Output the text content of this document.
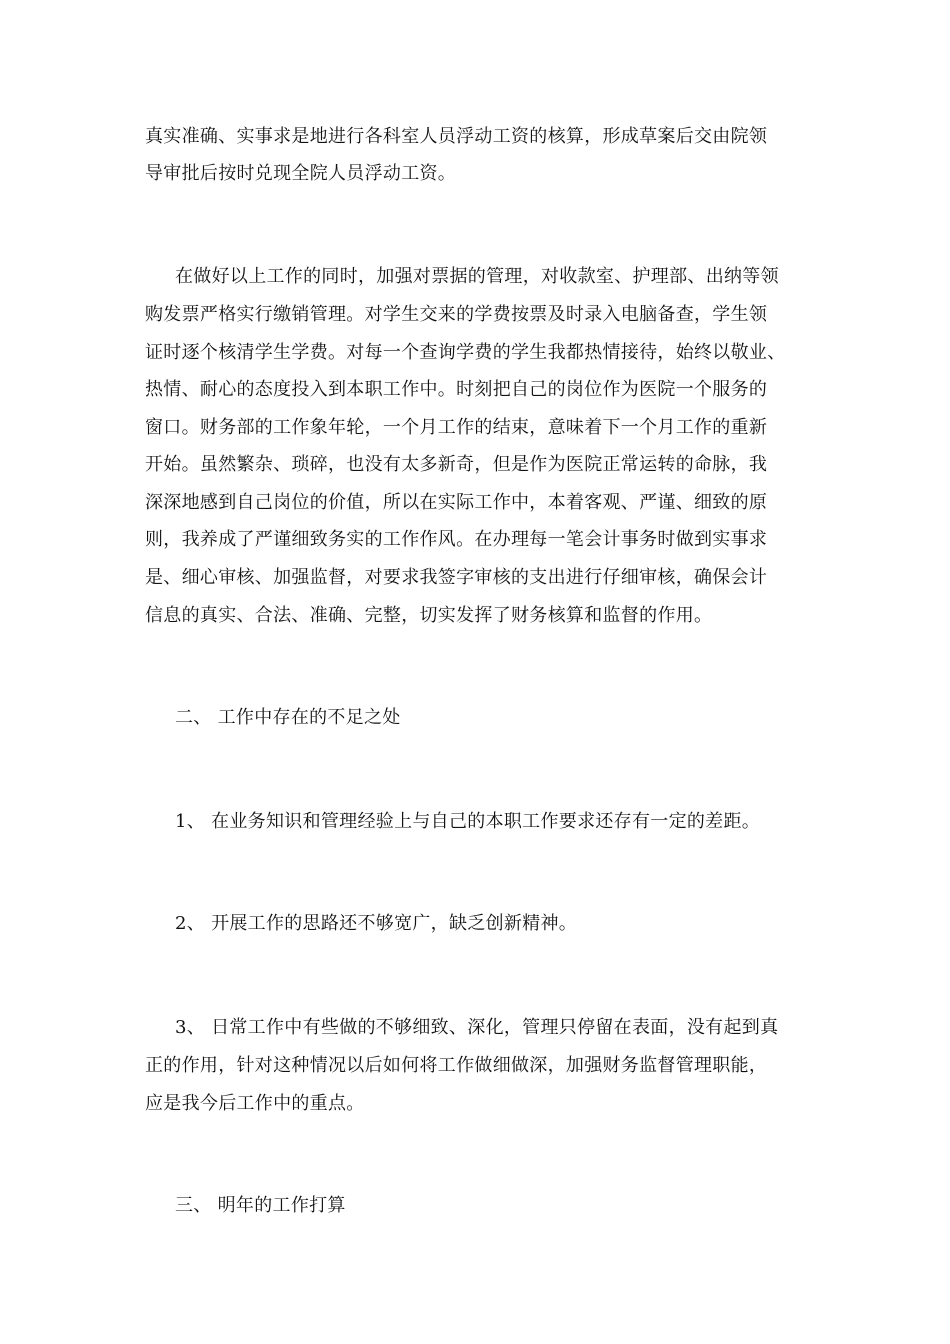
真实准确、实事求是地进行各科室人员浮动工资的核算，形成草案后交由院领
导审批后按时兑现全院人员浮动工资。
在做好以上工作的同时，加强对票据的管理，对收款室、护理部、出纳等领
购发票严格实行缴销管理。对学生交来的学费按票及时录入电脑备查，学生领
证时逐个核清学生学费。对每一个查询学费的学生我都热情接待，始终以敬业、
热情、耐心的态度投入到本职工作中。时刻把自己的岗位作为医院一个服务的
窗口。财务部的工作象年轮，一个月工作的结束，意味着下一个月工作的重新
开始。虽然繁杂、琐碎，也没有太多新奇，但是作为医院正常运转的命脉，我
深深地感到自己岗位的价值，所以在实际工作中，本着客观、严谨、细致的原
则，我养成了严谨细致务实的工作作风。在办理每一笔会计事务时做到实事求
是、细心审核、加强监督，对要求我签字审核的支出进行仔细审核，确保会计
信息的真实、合法、准确、完整，切实发挥了财务核算和监督的作用。
二、 工作中存在的不足之处
1、 在业务知识和管理经验上与自己的本职工作要求还存有一定的差距。
2、 开展工作的思路还不够宽广，缺乏创新精神。
3、 日常工作中有些做的不够细致、深化，管理只停留在表面，没有起到真
正的作用，针对这种情况以后如何将工作做细做深，加强财务监督管理职能，
应是我今后工作中的重点。
三、 明年的工作打算
